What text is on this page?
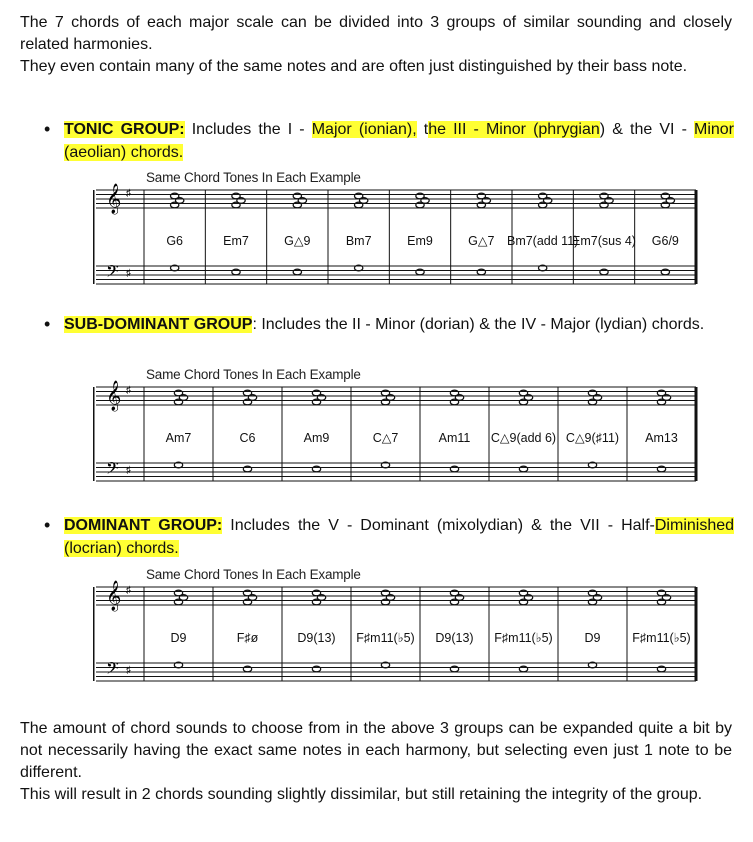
The 7 chords of each major scale can be divided into 3 groups of similar sounding and closely related harmonies.
They even contain many of the same notes and are often just distinguished by their bass note.

• TONIC GROUP: Includes the I - Major (ionian), the III - Minor (phrygian) & the VI - Minor (aeolian) chords.
Same Chord Tones In Each Example
𝄞
𝄢
♯
♯
G6	Em7	G△9	Bm7	Em9	G△7 Bm7(add 11)
Em7(sus 4) G6/9
• SUB-DOMINANT GROUP: Includes the II - Minor (dorian) & the IV - Major (lydian) chords.
Same Chord Tones In Each Example
𝄞
𝄢
♯
♯
Am7	C6	Am9	C△7	Am11 C△9(add 6) C△9(♯11) Am13
• DOMINANT GROUP: Includes the V - Dominant (mixolydian) & the VII - Half-Diminished (locrian) chords.
Same Chord Tones In Each Example
𝄞
𝄢
♯
♯
D9	F♯ø	D9(13) F♯m11(♭5) D9(13) F♯m11(♭5)	D9	F♯m11(♭5)

The amount of chord sounds to choose from in the above 3 groups can be expanded quite a bit by not necessarily having the exact same notes in each harmony, but selecting even just 1 note to be different.
This will result in 2 chords sounding slightly dissimilar, but still retaining the integrity of the group.
